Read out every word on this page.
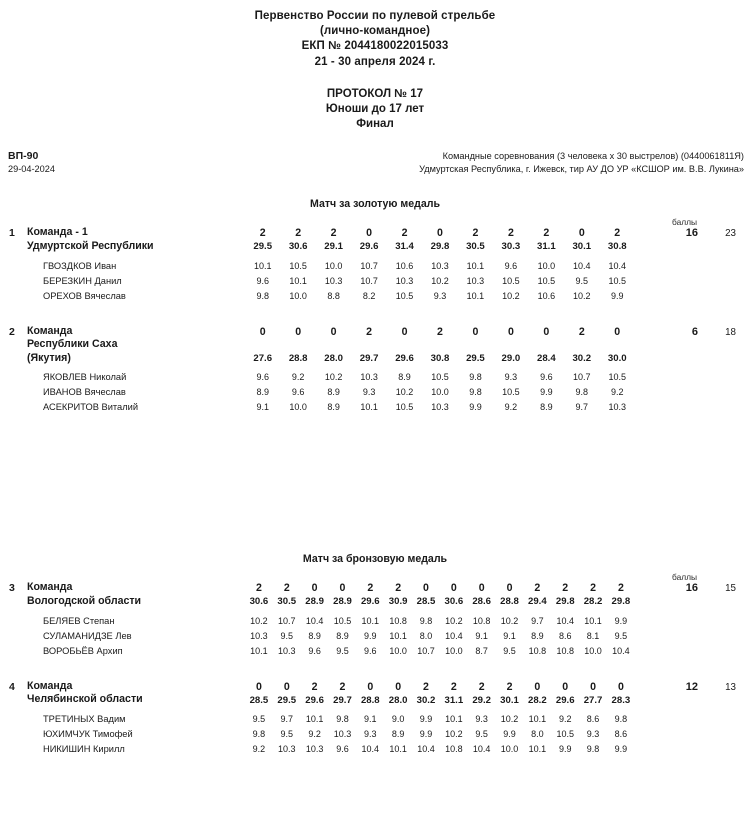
Первенство России по пулевой стрельбе
(лично-командное)
ЕКП № 2044180022015033
21 - 30 апреля 2024 г.
ПРОТОКОЛ № 17
Юноши до 17 лет
Финал
ВП-90
29-04-2024
Командные соревнования (3 человека х 30 выстрелов) (0440061811Я)
Удмуртская Республика, г. Ижевск, тир АУ ДО УР «КСШОР им. В.В. Лукина»
Матч за золотую медаль
баллы
1	Команда - 1
Удмуртской Республики
2	2	2	0	2	0	2	2	2	0	2
29.5	30.6	29.1	29.6	31.4	29.8	30.5	30.3	31.1	30.1	30.8
16	23
ГВОЗДКОВ Иван	10.1	10.5	10.0	10.7	10.6	10.3	10.1	9.6	10.0	10.4	10.4
БЕРЕЗКИН Данил	9.6	10.1	10.3	10.7	10.3	10.2	10.3	10.5	10.5	9.5	10.5
ОРЕХОВ Вячеслав	9.8	10.0	8.8	8.2	10.5	9.3	10.1	10.2	10.6	10.2	9.9
2	Команда
Республики Саха
(Якутия)
0	0	0	2	0	2	0	0	0	2	0
27.6	28.8	28.0	29.7	29.6	30.8	29.5	29.0	28.4	30.2	30.0
6	18
ЯКОВЛЕВ Николай	9.6	9.2	10.2	10.3	8.9	10.5	9.8	9.3	9.6	10.7	10.5
ИВАНОВ Вячеслав	8.9	9.6	8.9	9.3	10.2	10.0	9.8	10.5	9.9	9.8	9.2
АСЕКРИТОВ Виталий	9.1	10.0	8.9	10.1	10.5	10.3	9.9	9.2	8.9	9.7	10.3
Матч за бронзовую медаль
баллы
3	Команда
Вологодской области
2	2	0	0	2	2	0	0	0	0	2	2	2	2
30.6 30.5 28.9 28.9 29.6 30.9 28.5 30.6 28.6 28.8 29.4 29.8 28.2 29.8
16	15
БЕЛЯЕВ Степан	10.2	10.7	10.4	10.5	10.1	10.8	9.8	10.2	10.8	10.2	9.7	10.4	10.1	9.9
СУЛАМАНИДЗЕ Лев	10.3	9.5	8.9	8.9	9.9	10.1	8.0	10.4	9.1	9.1	8.9	8.6	8.1	9.5
ВОРОБЬЁВ Архип	10.1	10.3	9.6	9.5	9.6	10.0	10.7	10.0	8.7	9.5	10.8	10.8	10.0	10.4
4	Команда
Челябинской области
0	0	2	2	0	0	2	2	2	2	0	0	0	0
28.5 29.5 29.6 29.7 28.8 28.0 30.2 31.1 29.2 30.1 28.2 29.6 27.7 28.3
12	13
ТРЕТИНЫХ Вадим	9.5	9.7	10.1	9.8	9.1	9.0	9.9	10.1	9.3	10.2	10.1	9.2	8.6	9.8
ЮХИМЧУК Тимофей	9.8	9.5	9.2	10.3	9.3	8.9	9.9	10.2	9.5	9.9	8.0	10.5	9.3	8.6
НИКИШИН Кирилл	9.2	10.3	10.3	9.6	10.4	10.1	10.4	10.8	10.4	10.0	10.1	9.9	9.8	9.9
